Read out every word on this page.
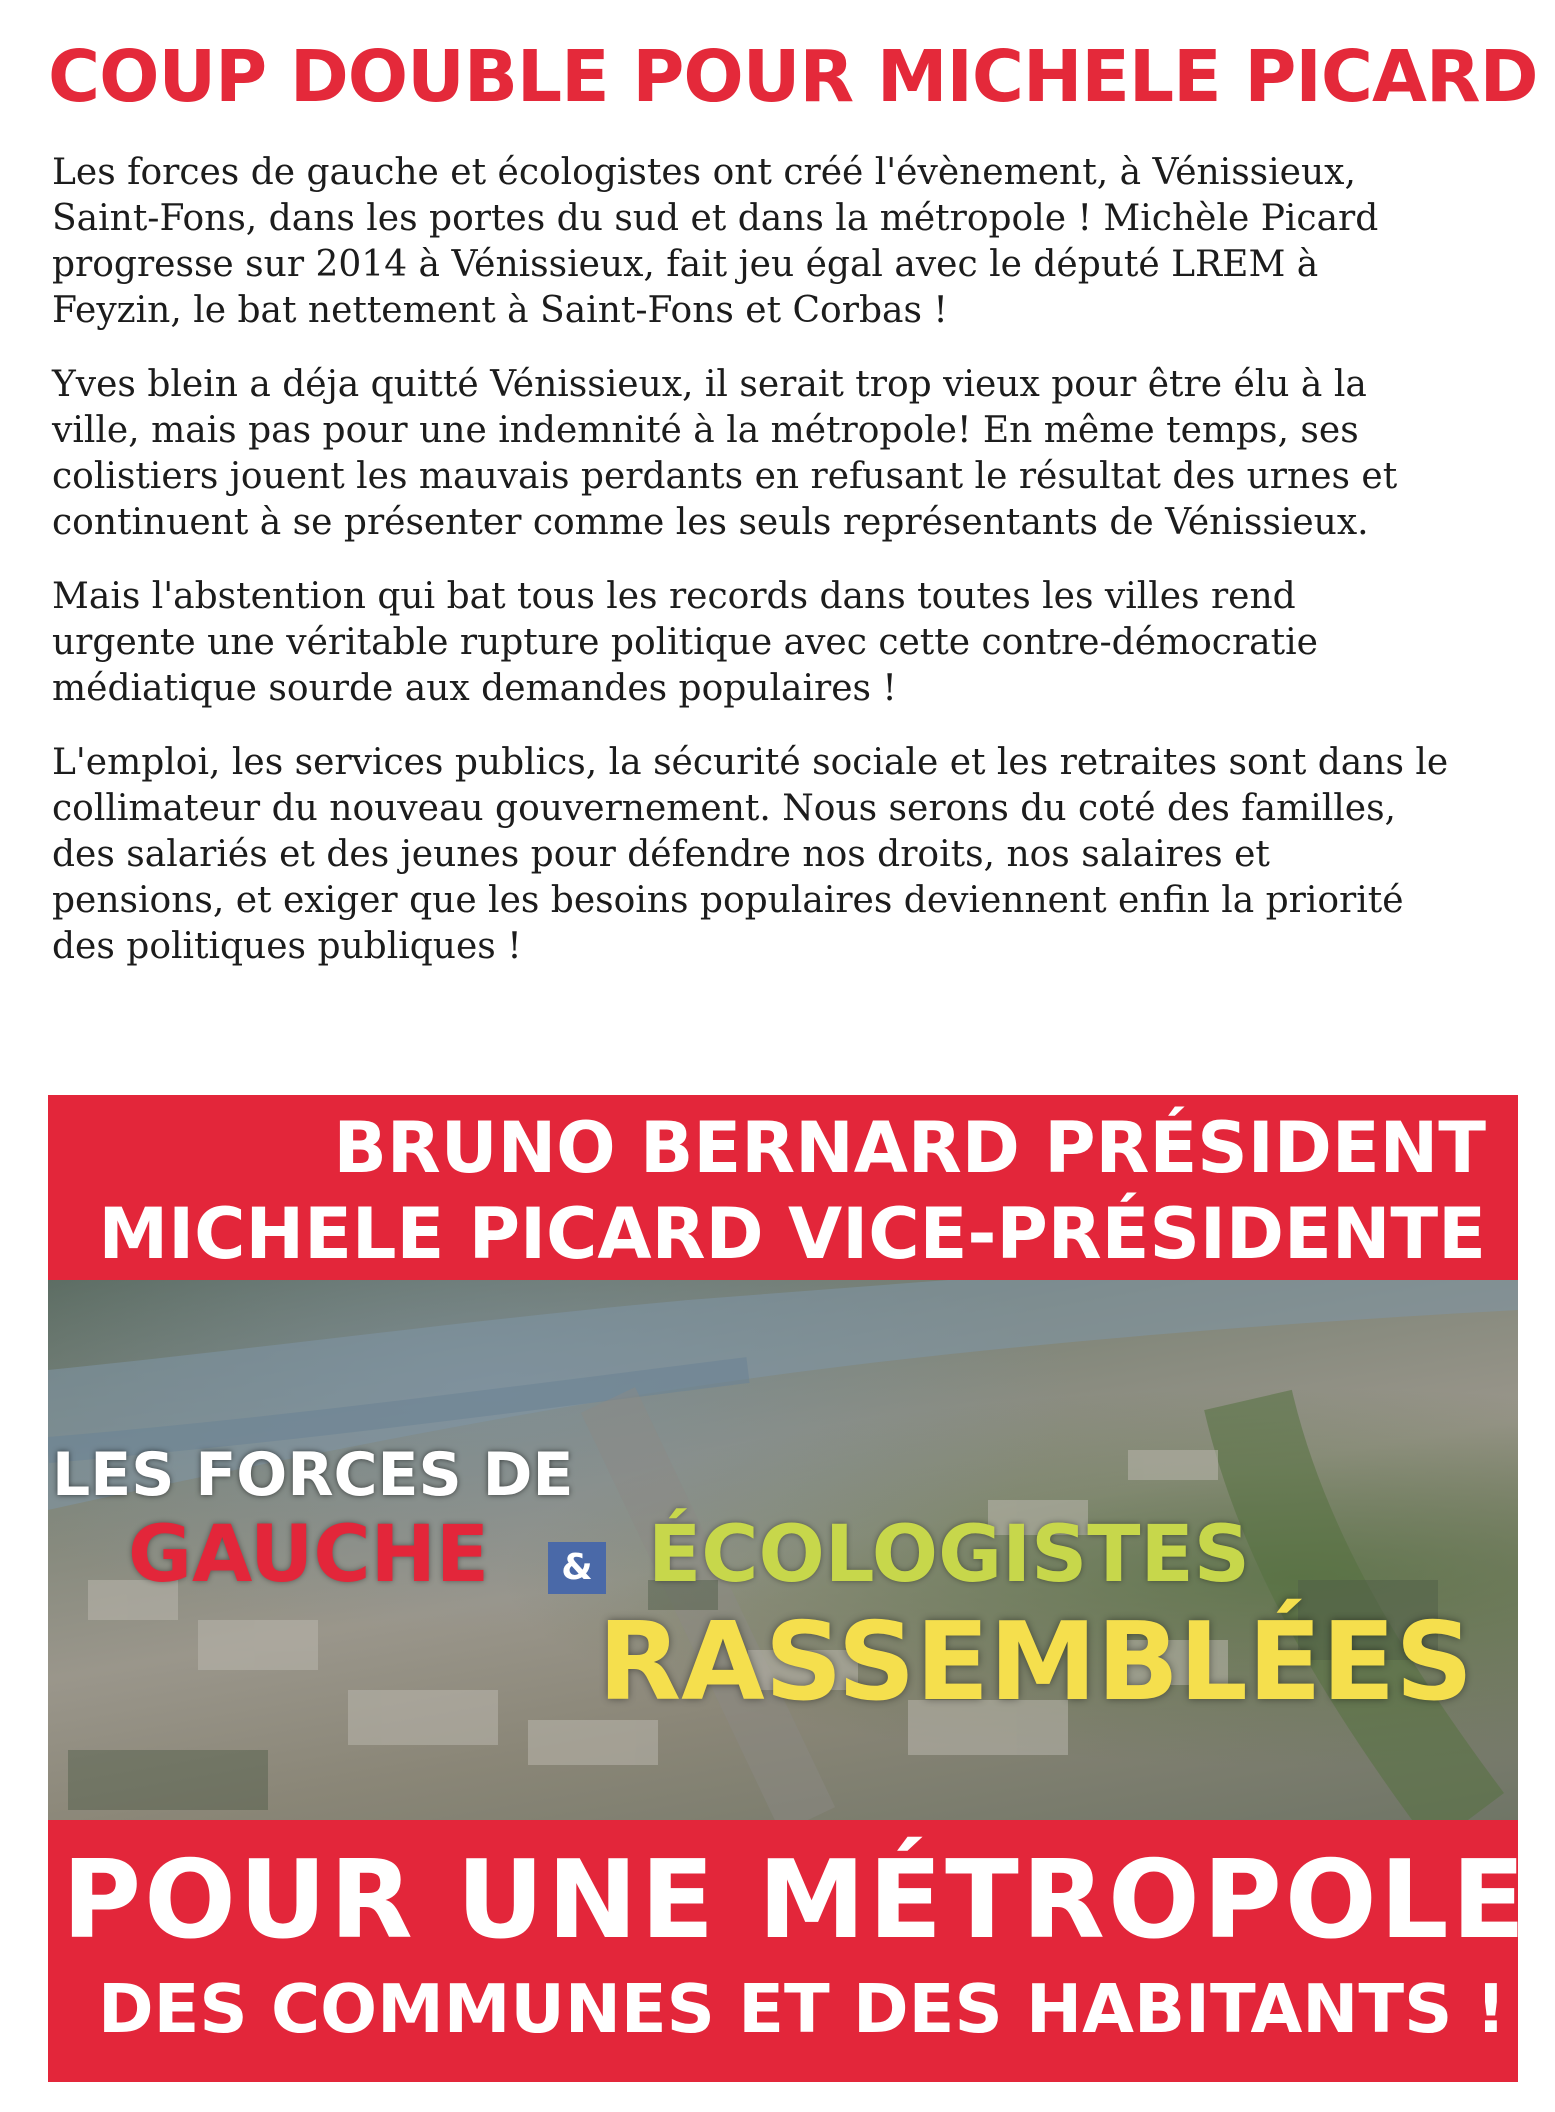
COUP DOUBLE POUR MICHELE PICARD

Les forces de gauche et écologistes ont créé l'évènement, à Vénissieux,
Saint-Fons, dans les portes du sud et dans la métropole ! Michèle Picard
progresse sur 2014 à Vénissieux, fait jeu égal avec le député LREM à
Feyzin, le bat nettement à Saint-Fons et Corbas !

Yves blein a déja quitté Vénissieux, il serait trop vieux pour être élu à la
ville, mais pas pour une indemnité à la métropole! En même temps, ses
colistiers jouent les mauvais perdants en refusant le résultat des urnes et
continuent à se présenter comme les seuls représentants de Vénissieux.

Mais l'abstention qui bat tous les records dans toutes les villes rend
urgente une véritable rupture politique avec cette contre-démocratie
médiatique sourde aux demandes populaires !

L'emploi, les services publics, la sécurité sociale et les retraites sont dans le
collimateur du nouveau gouvernement. Nous serons du coté des familles,
des salariés et des jeunes pour défendre nos droits, nos salaires et
pensions, et exiger que les besoins populaires deviennent enfin la priorité
des politiques publiques !

BRUNO BERNARD PRÉSIDENT
MICHELE PICARD VICE-PRÉSIDENTE
LES FORCES DE
GAUCHE	& ÉCOLOGISTES
RASSEMBLÉES
POUR UNE MÉTROPOLE
DES COMMUNES ET DES HABITANTS !
